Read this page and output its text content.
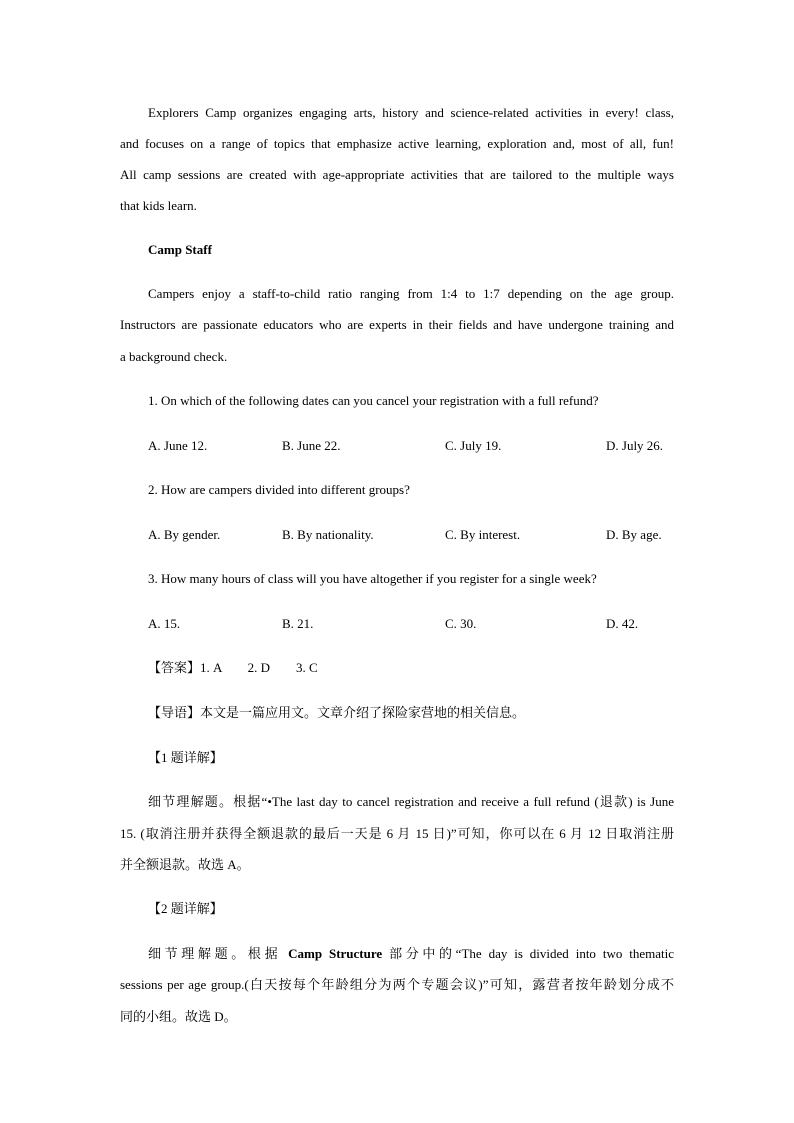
Explorers Camp organizes engaging arts, history and science-related activities in every! class,
and focuses on a range of topics that emphasize active learning, exploration and, most of all, fun!
All camp sessions are created with age-appropriate activities that are tailored to the multiple ways
that kids learn.
Camp Staff
Campers enjoy a staff-to-child ratio ranging from 1:4 to 1:7 depending on the age group.
Instructors are passionate educators who are experts in their fields and have undergone training and
a background check.
1. On which of the following dates can you cancel your registration with a full refund?
A. June 12.	B. June 22.	C. July 19.	D. July 26.
2. How are campers divided into different groups?
A. By gender.	B. By nationality.	C. By interest.	D. By age.
3. How many hours of class will you have altogether if you register for a single week?
A. 15.	B. 21.	C. 30.	D. 42.
【答案】1. A　　2. D　　3. C
【导语】本文是一篇应用文。文章介绍了探险家营地的相关信息。
【1 题详解】
细节理解题。根据“•The last day to cancel registration and receive a full refund (退款) is June
15. (取消注册并获得全额退款的最后一天是 6 月 15 日)”可知，你可以在 6 月 12 日取消注册
并全额退款。故选 A。
【2 题详解】
细节理解题。根据 Camp Structure 部分中的“The day is divided into two thematic
sessions per age group.(白天按每个年龄组分为两个专题会议)”可知，露营者按年龄划分成不
同的小组。故选 D。
